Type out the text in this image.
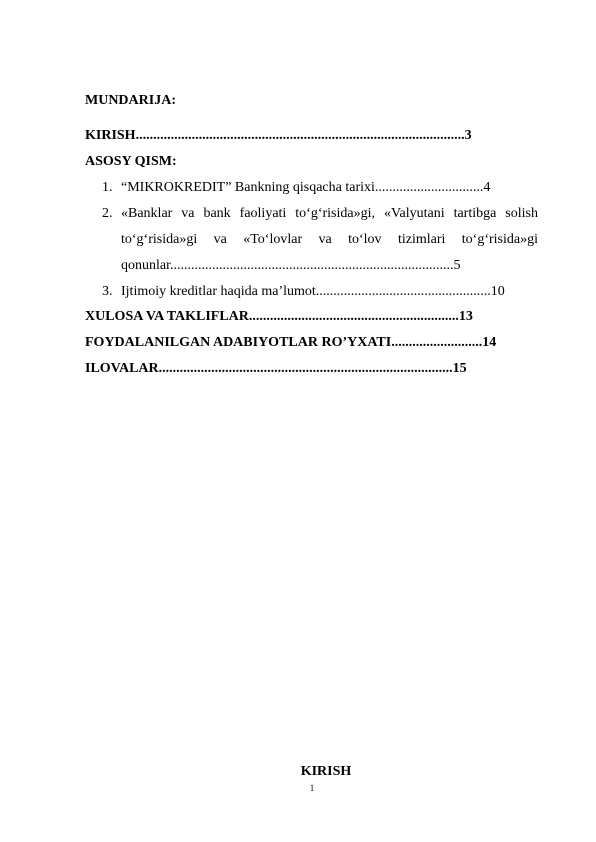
MUNDARIJA:
KIRISH..............................................................................................3
ASOSY QISM:
1. “MIKROKREDIT” Bankning qisqacha tarixi...............................4
2. «Banklar va bank faoliyati to‘g‘risida»gi, «Valyutani tartibga solish
to‘g‘risida»gi va «To‘lovlar va to‘lov tizimlari to‘g‘risida»gi
qonunlar.................................................................................5
3. Ijtimoiy kreditlar haqida ma’lumot..................................................10
XULOSA VA TAKLIFLAR............................................................13
FOYDALANILGAN ADABIYOTLAR RO’YXATI..........................14
ILOVALAR....................................................................................15
KIRISH
1
